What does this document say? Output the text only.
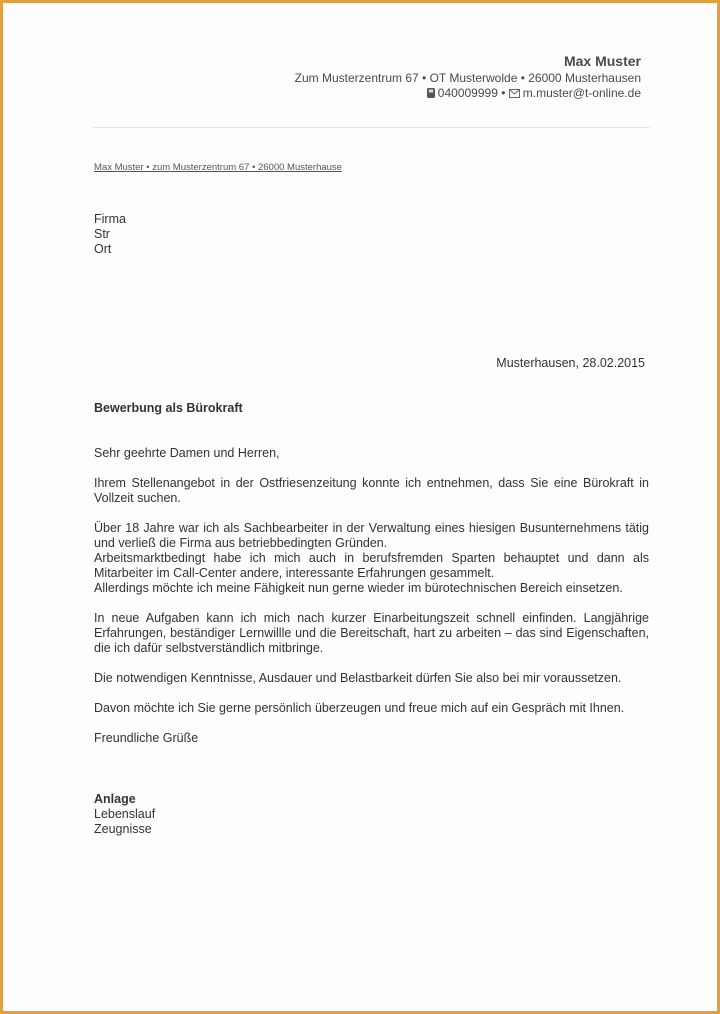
Max Muster
Zum Musterzentrum 67 • OT Musterwolde • 26000 Musterhausen
040009999 • m.muster@t-online.de
Max Muster • zum Musterzentrum 67 • 26000 Musterhause
Firma
Str
Ort
Musterhausen, 28.02.2015
Bewerbung als Bürokraft

Sehr geehrte Damen und Herren,

Ihrem Stellenangebot in der Ostfriesenzeitung konnte ich entnehmen, dass Sie eine Bürokraft in Vollzeit suchen.

Über 18 Jahre war ich als Sachbearbeiter in der Verwaltung eines hiesigen Busunternehmens tätig und verließ die Firma aus betriebbedingten Gründen.
Arbeitsmarktbedingt habe ich mich auch in berufsfremden Sparten behauptet und dann als Mitarbeiter im Call-Center andere, interessante Erfahrungen gesammelt.
Allerdings möchte ich meine Fähigkeit nun gerne wieder im bürotechnischen Bereich einsetzen.

In neue Aufgaben kann ich mich nach kurzer Einarbeitungszeit schnell einfinden. Langjährige Erfahrungen, beständiger Lernwillle und die Bereitschaft, hart zu arbeiten – das sind Eigenschaften, die ich dafür selbstverständlich mitbringe.

Die notwendigen Kenntnisse, Ausdauer und Belastbarkeit dürfen Sie also bei mir voraussetzen.

Davon möchte ich Sie gerne persönlich überzeugen und freue mich auf ein Gespräch mit Ihnen.

Freundliche Grüße

Anlage
Lebenslauf
Zeugnisse
